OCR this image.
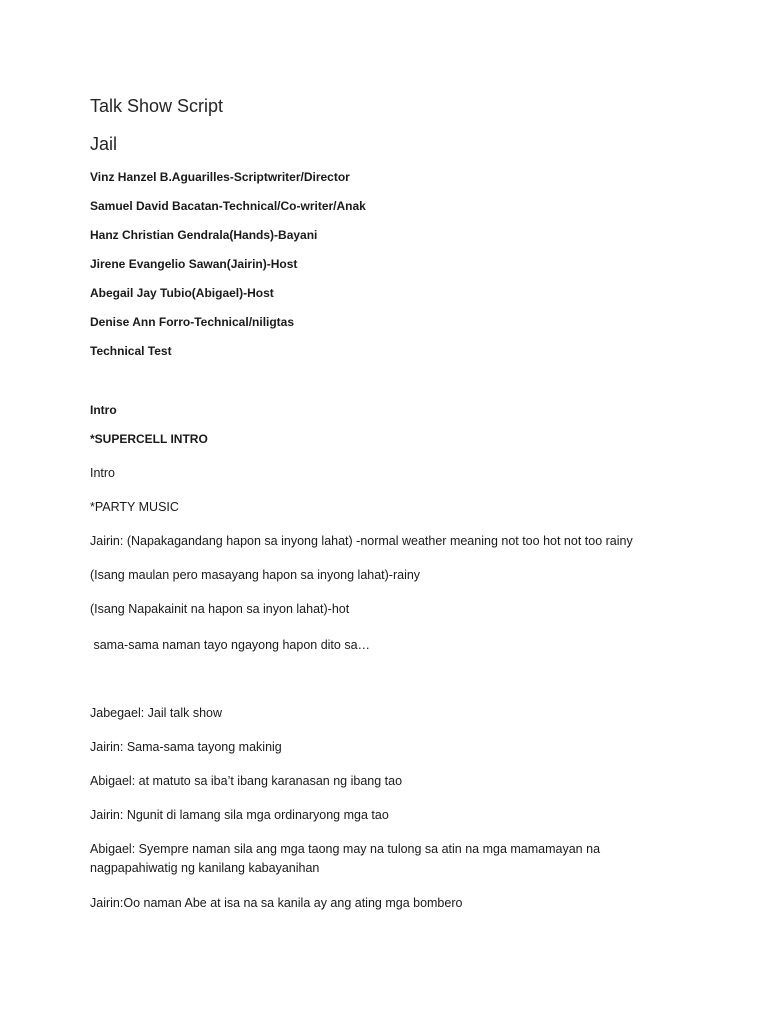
Talk Show Script
Jail
Vinz Hanzel B.Aguarilles-Scriptwriter/Director
Samuel David Bacatan-Technical/Co-writer/Anak
Hanz Christian Gendrala(Hands)-Bayani
Jirene Evangelio Sawan(Jairin)-Host
Abegail Jay Tubio(Abigael)-Host
Denise Ann Forro-Technical/niligtas
Technical Test
Intro
*SUPERCELL INTRO
Intro
*PARTY MUSIC
Jairin: (Napakagandang hapon sa inyong lahat) -normal weather meaning not too hot not too rainy
(Isang maulan pero masayang hapon sa inyong lahat)-rainy
(Isang Napakainit na hapon sa inyon lahat)-hot
sama-sama naman tayo ngayong hapon dito sa…
Jabegael: Jail talk show
Jairin: Sama-sama tayong makinig
Abigael: at matuto sa iba’t ibang karanasan ng ibang tao
Jairin: Ngunit di lamang sila mga ordinaryong mga tao
Abigael: Syempre naman sila ang mga taong may na tulong sa atin na mga mamamayan na nagpapahiwatig ng kanilang kabayanihan
Jairin:Oo naman Abe at isa na sa kanila ay ang ating mga bombero
